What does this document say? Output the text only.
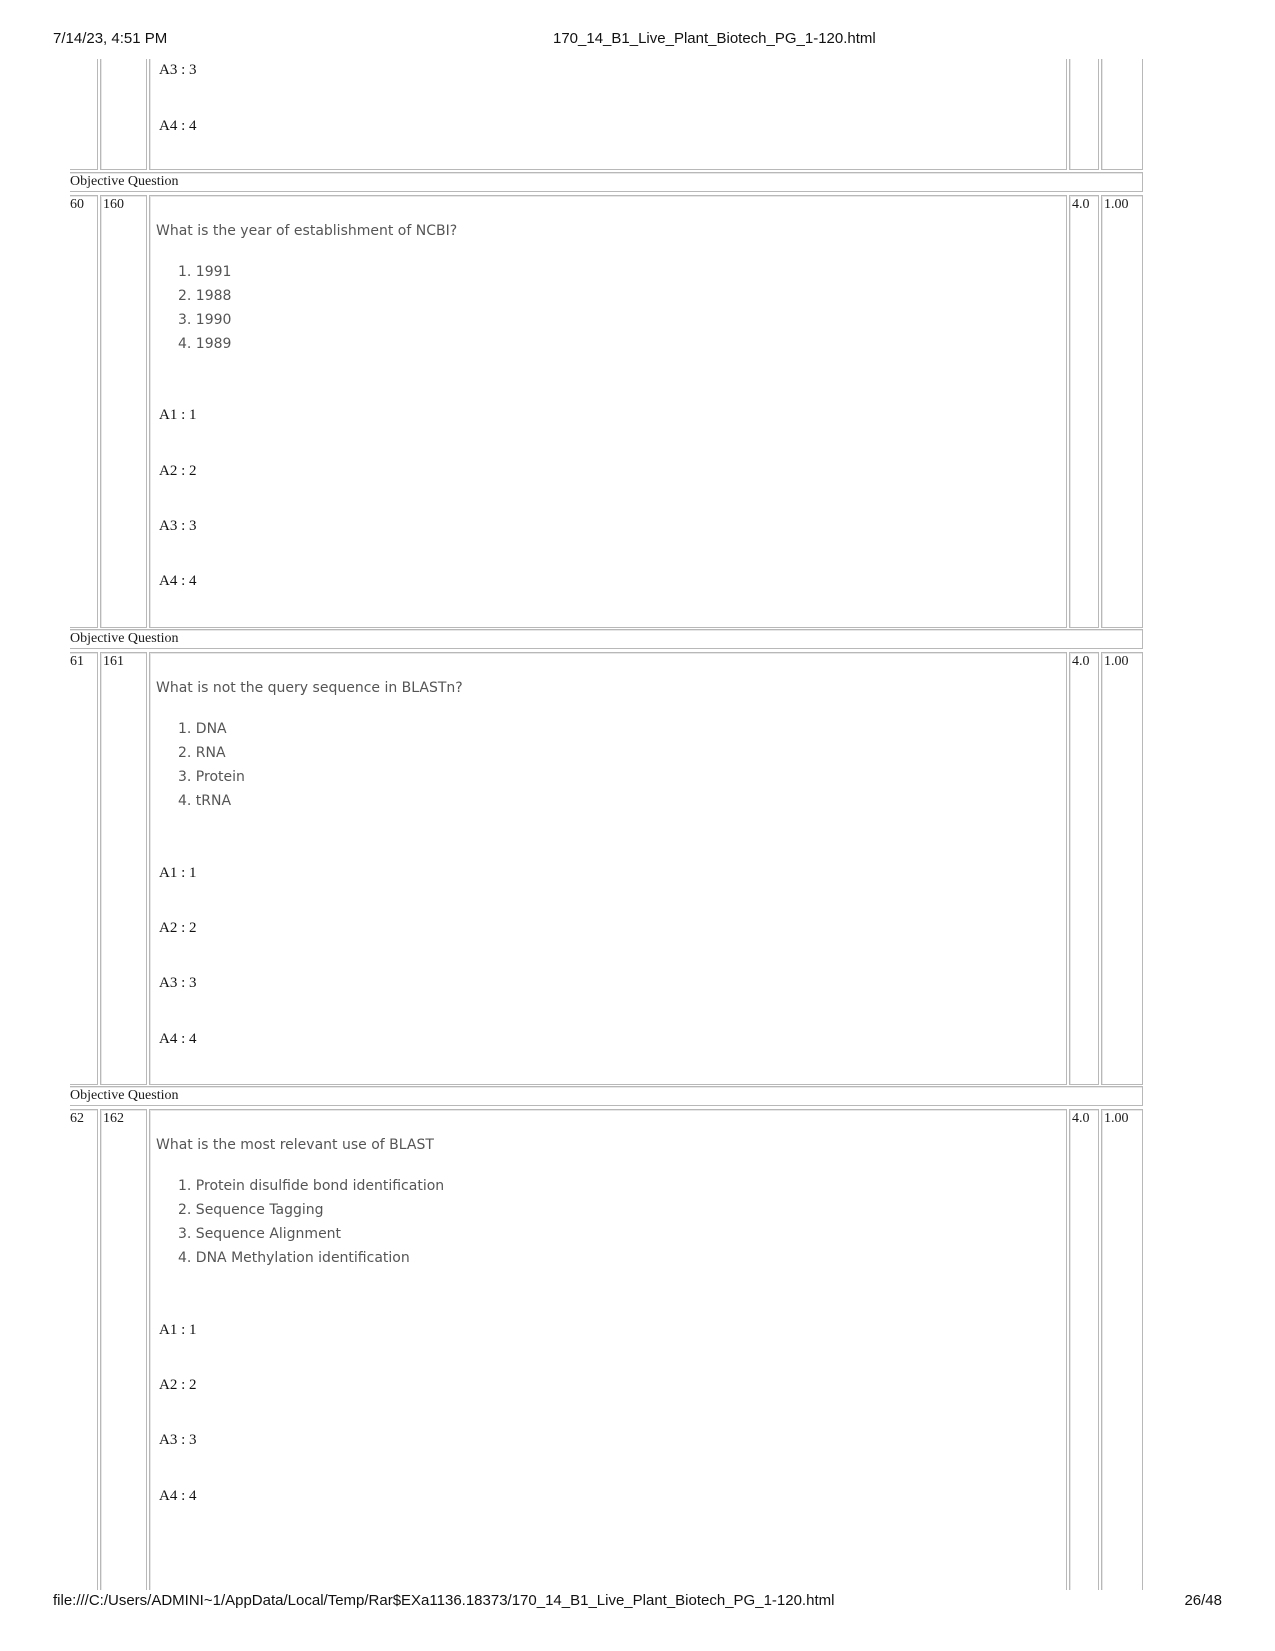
7/14/23, 4:51 PM	170_14_B1_Live_Plant_Biotech_PG_1-120.html
A3 : 3
A4 : 4
Objective Question
60	160
What is the year of establishment of NCBI?
1. 1991
2. 1988
3. 1990
4. 1989
A1 : 1
A2 : 2
A3 : 3
A4 : 4
4.0	1.00
Objective Question
61	161
What is not the query sequence in BLASTn?
1. DNA
2. RNA
3. Protein
4. tRNA
A1 : 1
A2 : 2
A3 : 3
A4 : 4
4.0	1.00
Objective Question
62	162
What is the most relevant use of BLAST
1. Protein disulfide bond identification
2. Sequence Tagging
3. Sequence Alignment
4. DNA Methylation identification
A1 : 1
A2 : 2
A3 : 3
A4 : 4
4.0	1.00
file:///C:/Users/ADMINI~1/AppData/Local/Temp/Rar$EXa1136.18373/170_14_B1_Live_Plant_Biotech_PG_1-120.html	26/48
